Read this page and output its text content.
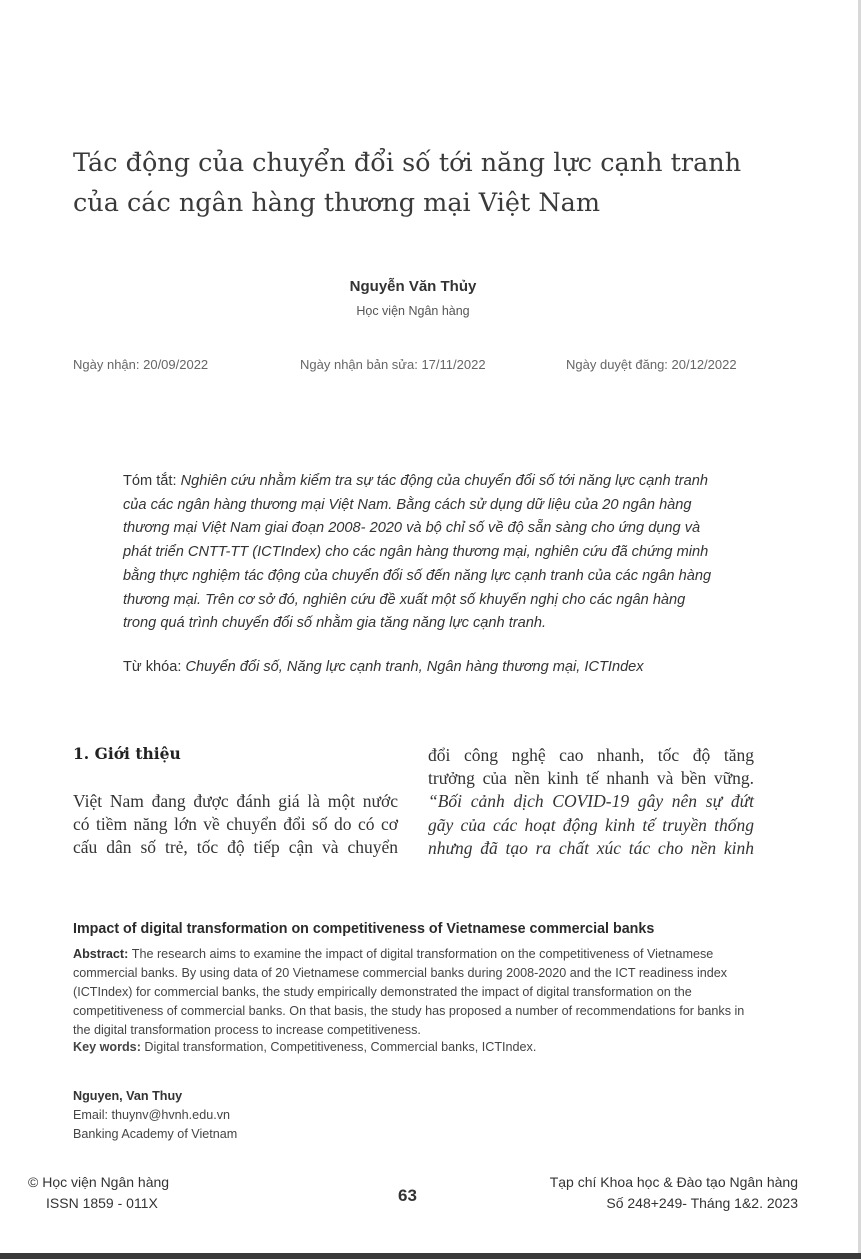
Tác động của chuyển đổi số tới năng lực cạnh tranh
của các ngân hàng thương mại Việt Nam
Nguyễn Văn Thủy
Học viện Ngân hàng
Ngày nhận: 20/09/2022	Ngày nhận bản sửa: 17/11/2022	Ngày duyệt đăng: 20/12/2022
Tóm tắt: Nghiên cứu nhằm kiểm tra sự tác động của chuyển đổi số tới năng lực cạnh tranh của các ngân hàng thương mại Việt Nam. Bằng cách sử dụng dữ liệu của 20 ngân hàng thương mại Việt Nam giai đoạn 2008- 2020 và bộ chỉ số về độ sẵn sàng cho ứng dụng và phát triển CNTT-TT (ICTIndex) cho các ngân hàng thương mại, nghiên cứu đã chứng minh bằng thực nghiệm tác động của chuyển đổi số đến năng lực cạnh tranh của các ngân hàng thương mại. Trên cơ sở đó, nghiên cứu đề xuất một số khuyến nghị cho các ngân hàng trong quá trình chuyển đổi số nhằm gia tăng năng lực cạnh tranh.
Từ khóa: Chuyển đổi số, Năng lực cạnh tranh, Ngân hàng thương mại, ICTIndex
1. Giới thiệu
Việt Nam đang được đánh giá là một nước
có tiềm năng lớn về chuyển đổi số do có cơ
cấu dân số trẻ, tốc độ tiếp cận và chuyển
đổi công nghệ cao nhanh, tốc độ tăng
trưởng của nền kinh tế nhanh và bền vững.
“Bối cảnh dịch COVID-19 gây nên sự đứt
gãy của các hoạt động kinh tế truyền thống
nhưng đã tạo ra chất xúc tác cho nền kinh
Impact of digital transformation on competitiveness of Vietnamese commercial banks
Abstract: The research aims to examine the impact of digital transformation on the competitiveness of Vietnamese commercial banks. By using data of 20 Vietnamese commercial banks during 2008-2020 and the ICT readiness index (ICTIndex) for commercial banks, the study empirically demonstrated the impact of digital transformation on the competitiveness of commercial banks. On that basis, the study has proposed a number of recommendations for banks in the digital transformation process to increase competitiveness.
Key words: Digital transformation, Competitiveness, Commercial banks, ICTIndex.
Nguyen, Van Thuy
Email: thuynv@hvnh.edu.vn
Banking Academy of Vietnam
© Học viện Ngân hàng
ISSN 1859 - 011X	63
Tạp chí Khoa học & Đào tạo Ngân hàng
Số 248+249- Tháng 1&2. 2023
